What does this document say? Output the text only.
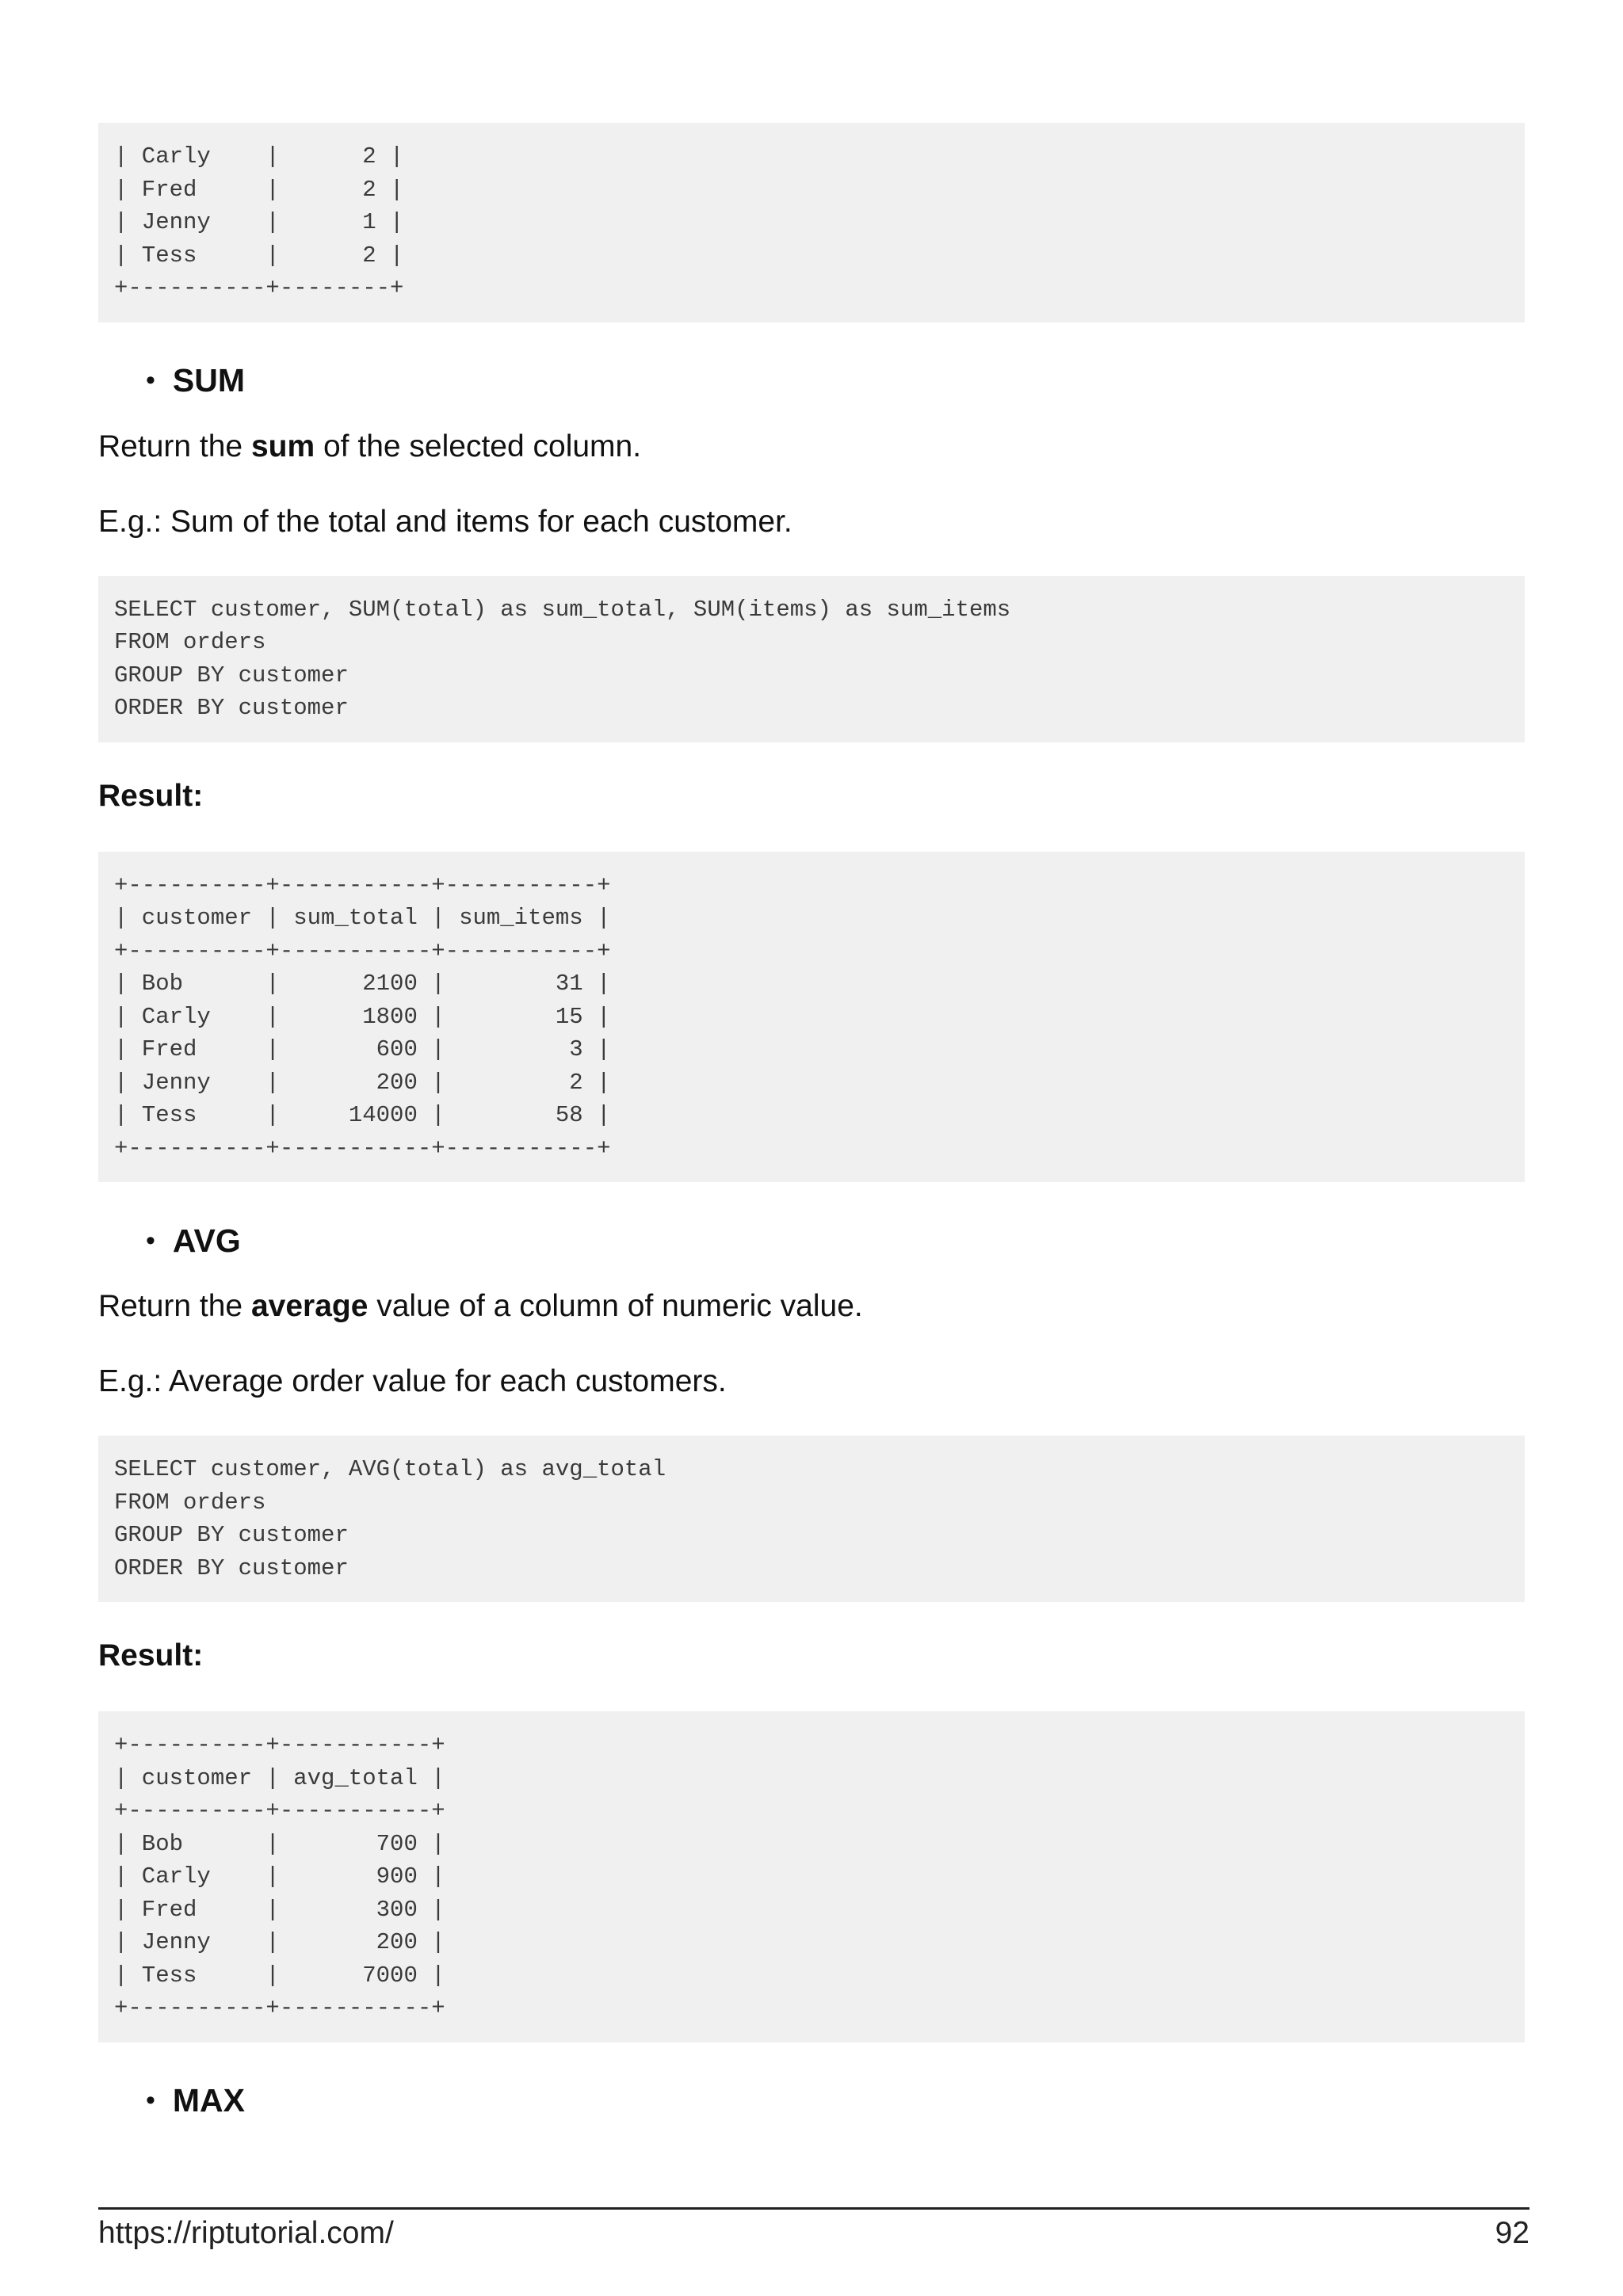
| Carly    |      2 |
| Fred     |      2 |
| Jenny    |      1 |
| Tess     |      2 |
+----------+--------+
• SUM

Return the sum of the selected column.

E.g.: Sum of the total and items for each customer.

SELECT customer, SUM(total) as sum_total, SUM(items) as sum_items
FROM orders
GROUP BY customer
ORDER BY customer
Result:
+----------+-----------+-----------+
| customer | sum_total | sum_items |
+----------+-----------+-----------+
| Bob      |      2100 |        31 |
| Carly    |      1800 |        15 |
| Fred     |       600 |         3 |
| Jenny    |       200 |         2 |
| Tess     |     14000 |        58 |
+----------+-----------+-----------+
• AVG

Return the average value of a column of numeric value.

E.g.: Average order value for each customers.

SELECT customer, AVG(total) as avg_total
FROM orders
GROUP BY customer
ORDER BY customer
Result:
+----------+-----------+
| customer | avg_total |
+----------+-----------+
| Bob      |       700 |
| Carly    |       900 |
| Fred     |       300 |
| Jenny    |       200 |
| Tess     |      7000 |
+----------+-----------+
• MAX
https://riptutorial.com/	92
